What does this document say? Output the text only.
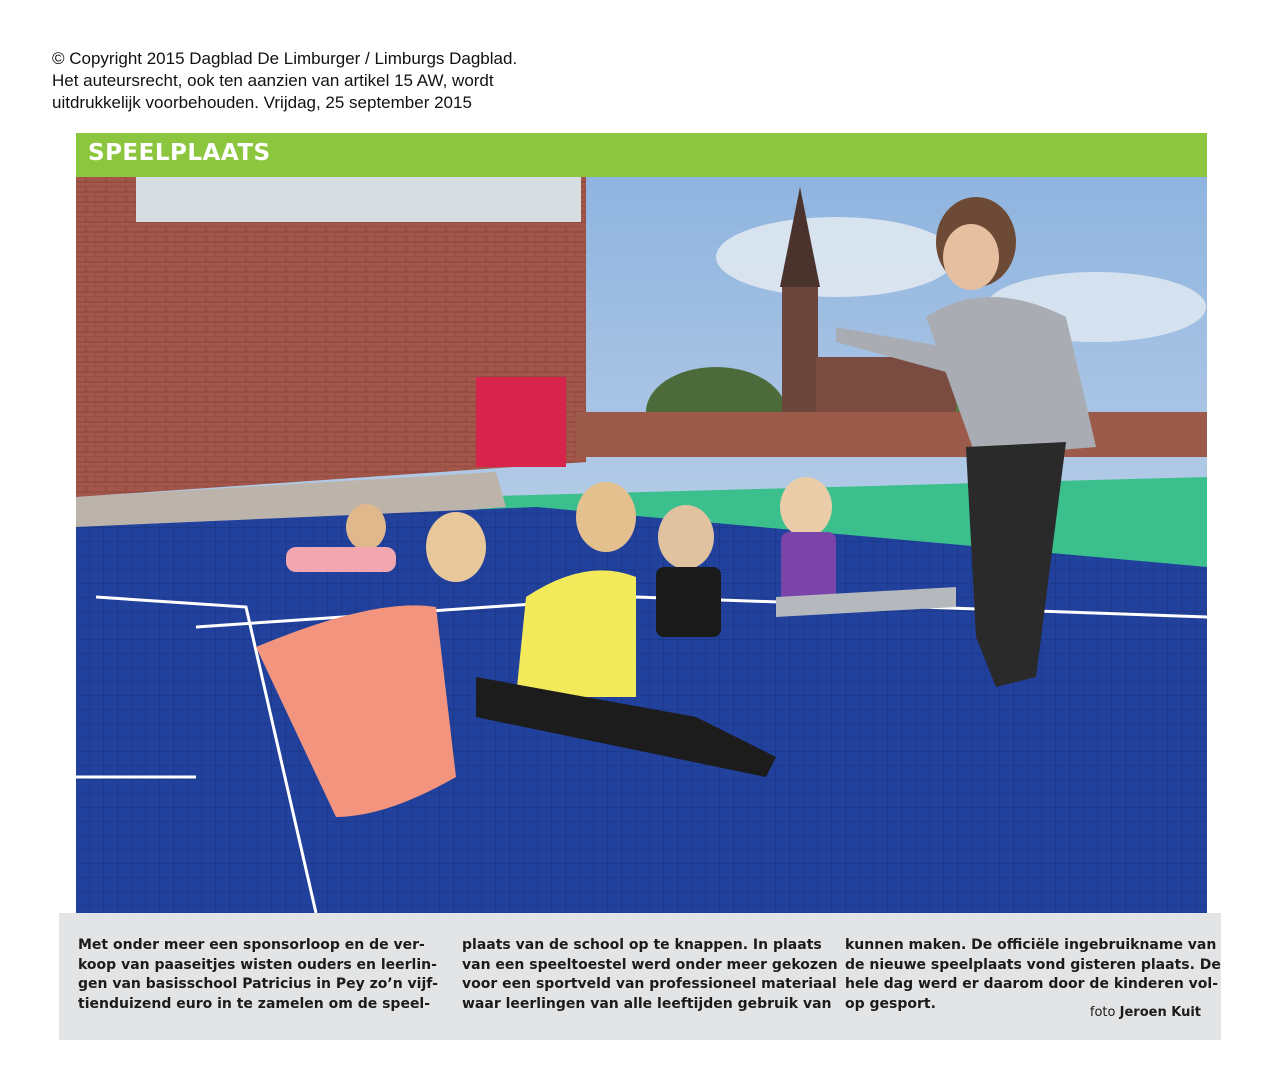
© Copyright 2015 Dagblad De Limburger / Limburgs Dagblad.
Het auteursrecht, ook ten aanzien van artikel 15 AW, wordt
uitdrukkelijk voorbehouden. Vrijdag, 25 september 2015
SPEELPLAATS
Met onder meer een sponsorloop en de ver-
koop van paaseitjes wisten ouders en leerlin-
gen van basisschool Patricius in Pey zo’n vijf-
tienduizend euro in te zamelen om de speel-
plaats van de school op te knappen. In plaats
van een speeltoestel werd onder meer gekozen
voor een sportveld van professioneel materiaal
waar leerlingen van alle leeftijden gebruik van
kunnen maken. De officiële ingebruikname van
de nieuwe speelplaats vond gisteren plaats. De
hele dag werd er daarom door de kinderen vol-
op gesport.
foto Jeroen Kuit
